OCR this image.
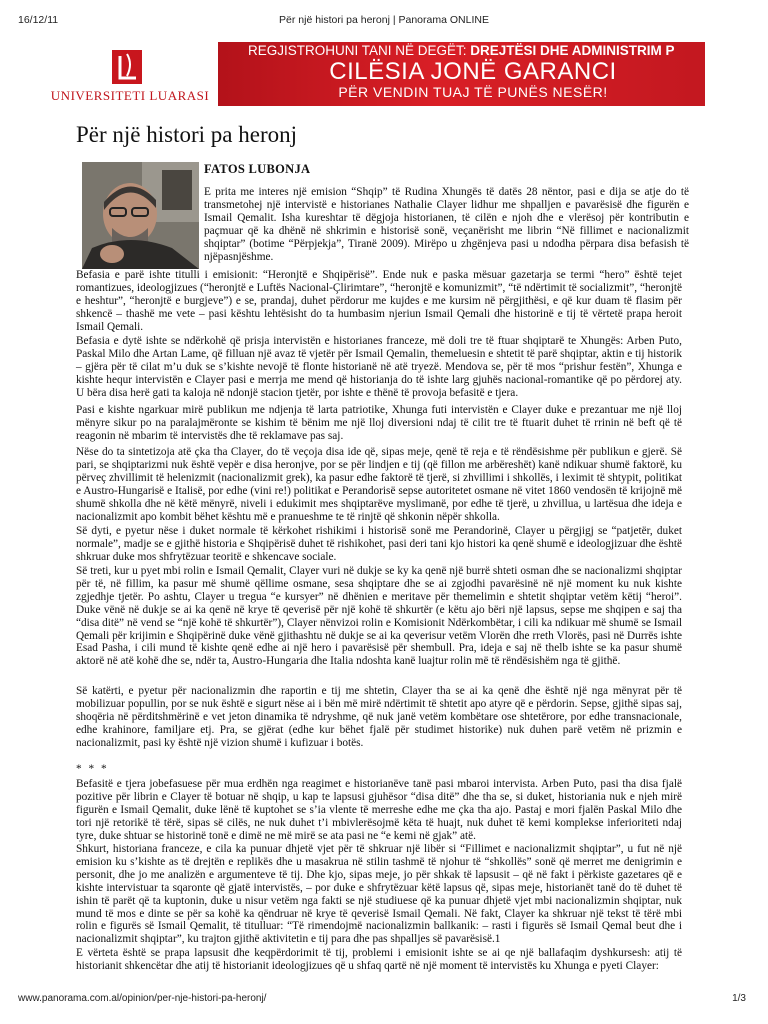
16/12/11	Për një histori pa heronj | Panorama ONLINE
UNIVERSITETI LUARASI
REGJISTROHUNI TANI NË DEGËT: DREJTËSI DHE ADMINISTRIM P
CILËSIA JONË GARANCI
PËR VENDIN TUAJ TË PUNËS NESËR!
Për një histori pa heronj
FATOS LUBONJA

E prita me interes një emision “Shqip” të Rudina Xhungës të datës 28 nëntor, pasi e dija se atje do të transmetohej një intervistë e historianes Nathalie Clayer lidhur me shpalljen e pavarësisë dhe figurën e Ismail Qemalit. Isha kureshtar të dëgjoja historianen, të cilën e njoh dhe e vlerësoj për kontributin e paçmuar që ka dhënë në shkrimin e historisë sonë, veçanërisht me librin “Në fillimet e nacionalizmit shqiptar” (botime “Përpjekja”, Tiranë 2009). Mirëpo u zhgënjeva pasi u ndodha përpara disa befasish të njëpasnjëshme.

Befasia e parë ishte titulli i emisionit: “Heronjtë e Shqipërisë”. Ende nuk e paska mësuar gazetarja se termi “hero” është tejet romantizues, ideologjizues (“heronjtë e Luftës Nacional-Çlirimtare”, “heronjtë e komunizmit”, “të ndërtimit të socializmit”, “heronjtë e heshtur”, “heronjtë e burgjeve”) e se, prandaj, duhet përdorur me kujdes e me kursim në përgjithësi, e që kur duam të flasim për shkencë – thashë me vete – pasi kështu lehtësisht do ta humbasim njeriun Ismail Qemali dhe historinë e tij të vërtetë prapa heroit Ismail Qemali.

Befasia e dytë ishte se ndërkohë që prisja intervistën e historianes franceze, më doli tre të ftuar shqiptarë te Xhungës: Arben Puto, Paskal Milo dhe Artan Lame, që filluan një avaz të vjetër për Ismail Qemalin, themeluesin e shtetit të parë shqiptar, aktin e tij historik – gjëra për të cilat m’u duk se s’kishte nevojë të flonte historianë në atë tryezë. Mendova se, për të mos “prishur festën”, Xhunga e kishte hequr intervistën e Clayer pasi e merrja me mend që historianja do të ishte larg gjuhës nacional-romantike që po përdorej aty. U bëra disa herë gati ta kaloja në ndonjë stacion tjetër, por ishte e thënë të provoja befasitë e tjera.

Pasi e kishte ngarkuar mirë publikun me ndjenja të larta patriotike, Xhunga futi intervistën e Clayer duke e prezantuar me një lloj mënyre sikur po na paralajmëronte se kishim të bënim me një lloj diversioni ndaj të cilit tre të ftuarit duhet të rrinin në beft që të reagonin në mbarim të intervistës dhe të reklamave pas saj.

Nëse do ta sintetizoja atë çka tha Clayer, do të veçoja disa ide që, sipas meje, qenë të reja e të rëndësishme për publikun e gjerë. Së pari, se shqiptarizmi nuk është vepër e disa heronjve, por se për lindjen e tij (që fillon me arbëreshët) kanë ndikuar shumë faktorë, ku përveç zhvillimit të helenizmit (nacionalizmit grek), ka pasur edhe faktorë të tjerë, si zhvillimi i shkollës, i leximit të shtypit, politikat e Austro-Hungarisë e Italisë, por edhe (vini re!) politikat e Perandorisë sepse autoritetet osmane në vitet 1860 vendosën të krijojnë më shumë shkolla dhe në këtë mënyrë, niveli i edukimit mes shqiptarëve myslimanë, por edhe të tjerë, u zhvillua, u lartësua dhe ideja e nacionalizmit apo kombit bëhet kështu më e pranueshme te të rinjtë që shkonin nëpër shkolla.

Së dyti, e pyetur nëse i duket normale të kërkohet rishikimi i historisë sonë me Perandorinë, Clayer u përgjigj se “patjetër, duket normale”, madje se e gjithë historia e Shqipërisë duhet të rishikohet, pasi deri tani kjo histori ka qenë shumë e ideologjizuar dhe është shkruar duke mos shfrytëzuar teoritë e shkencave sociale.

Së treti, kur u pyet mbi rolin e Ismail Qemalit, Clayer vuri në dukje se ky ka qenë një burrë shteti osman dhe se nacionalizmi shqiptar për të, në fillim, ka pasur më shumë qëllime osmane, sesa shqiptare dhe se ai zgjodhi pavarësinë në një moment ku nuk kishte zgjedhje tjetër. Po ashtu, Clayer u tregua “e kursyer” në dhënien e meritave për themelimin e shtetit shqiptar vetëm këtij “heroi”. Duke vënë në dukje se ai ka qenë në krye të qeverisë për një kohë të shkurtër (e këtu ajo bëri një lapsus, sepse me shqipen e saj tha “disa ditë” në vend se “një kohë të shkurtër”), Clayer nënvizoi rolin e Komisionit Ndërkombëtar, i cili ka ndikuar më shumë se Ismail Qemali për krijimin e Shqipërinë duke vënë gjithashtu në dukje se ai ka qeverisur vetëm Vlorën dhe rreth Vlorës, pasi në Durrës ishte Esad Pasha, i cili mund të kishte qenë edhe ai një hero i pavarësisë për shembull. Pra, ideja e saj në thelb ishte se ka pasur shumë aktorë në atë kohë dhe se, ndër ta, Austro-Hungaria dhe Italia ndoshta kanë luajtur rolin më të rëndësishëm nga të gjithë.

Së katërti, e pyetur për nacionalizmin dhe raportin e tij me shtetin, Clayer tha se ai ka qenë dhe është një nga mënyrat për të mobilizuar popullin, por se nuk është e sigurt nëse ai i bën më mirë ndërtimit të shtetit apo atyre që e përdorin. Sepse, gjithë sipas saj, shoqëria në përditshmërinë e vet jeton dinamika të ndryshme, që nuk janë vetëm kombëtare ose shtetërore, por edhe transnacionale, edhe krahinore, familjare etj. Pra, se gjërat (edhe kur bëhet fjalë për studimet historike) nuk duhen parë vetëm në prizmin e nacionalizmit, pasi ky është një vizion shumë i kufizuar i botës.

* * *

Befasitë e tjera jobefasuese për mua erdhën nga reagimet e historianëve tanë pasi mbaroi intervista. Arben Puto, pasi tha disa fjalë pozitive për librin e Clayer të botuar në shqip, u kap te lapsusi gjuhësor “disa ditë” dhe tha se, si duket, historiania nuk e njeh mirë figurën e Ismail Qemalit, duke lënë të kuptohet se s’ia vlente të merreshe edhe me çka tha ajo. Pastaj e mori fjalën Paskal Milo dhe tori një retorikë të tërë, sipas së cilës, ne nuk duhet t’i mbivlerësojmë këta të huajt, nuk duhet të kemi komplekse inferioriteti ndaj tyre, duke shtuar se historinë tonë e dimë ne më mirë se ata pasi ne “e kemi në gjak” atë.

Shkurt, historiana franceze, e cila ka punuar dhjetë vjet për të shkruar një libër si “Fillimet e nacionalizmit shqiptar”, u fut në një emision ku s’kishte as të drejtën e replikës dhe u masakrua në stilin tashmë të njohur të “shkollës” sonë që merret me denigrimin e personit, dhe jo me analizën e argumenteve të tij. Dhe kjo, sipas meje, jo për shkak të lapsusit – që në fakt i përkiste gazetares që e kishte intervistuar ta sqaronte që gjatë intervistës, – por duke e shfrytëzuar këtë lapsus që, sipas meje, historianët tanë do të duhet të ishin të parët që ta kuptonin, duke u nisur vetëm nga fakti se një studiuese që ka punuar dhjetë vjet mbi nacionalizmin shqiptar, nuk mund të mos e dinte se për sa kohë ka qëndruar në krye të qeverisë Ismail Qemali. Në fakt, Clayer ka shkruar një tekst të tërë mbi rolin e figurës së Ismail Qemalit, të titulluar: “Të rimendojmë nacionalizmin ballkanik: – rasti i figurës së Ismail Qemal beut dhe i nacionalizmit shqiptar”, ku trajton gjithë aktivitetin e tij para dhe pas shpalljes së pavarësisë.1

E vërteta është se prapa lapsusit dhe keqpërdorimit të tij, problemi i emisionit ishte se ai qe një ballafaqim dyshkursesh: atij të historianit shkencëtar dhe atij të historianit ideologjizues që u shfaq qartë në një moment të intervistës ku Xhunga e pyeti Clayer:

www.panorama.com.al/opinion/per-nje-histori-pa-heronj/	1/3
